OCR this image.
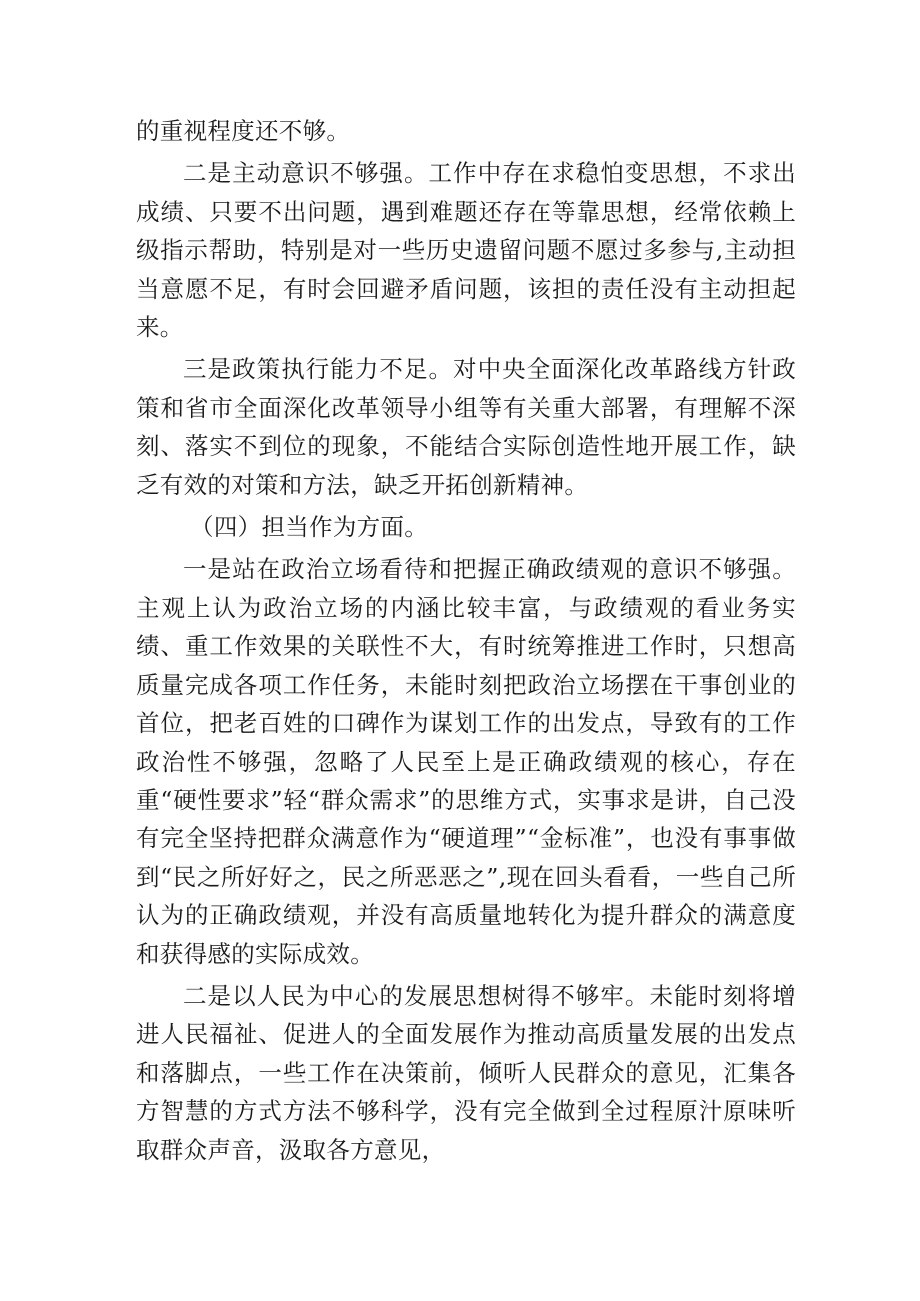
的重视程度还不够。

二是主动意识不够强。工作中存在求稳怕变思想，不求出成绩、只要不出问题，遇到难题还存在等靠思想，经常依赖上级指示帮助，特别是对一些历史遗留问题不愿过多参与,主动担当意愿不足，有时会回避矛盾问题，该担的责任没有主动担起来。

三是政策执行能力不足。对中央全面深化改革路线方针政策和省市全面深化改革领导小组等有关重大部署，有理解不深刻、落实不到位的现象，不能结合实际创造性地开展工作，缺乏有效的对策和方法，缺乏开拓创新精神。

（四）担当作为方面。

一是站在政治立场看待和把握正确政绩观的意识不够强。主观上认为政治立场的内涵比较丰富，与政绩观的看业务实绩、重工作效果的关联性不大，有时统筹推进工作时，只想高质量完成各项工作任务，未能时刻把政治立场摆在干事创业的首位，把老百姓的口碑作为谋划工作的出发点，导致有的工作政治性不够强，忽略了人民至上是正确政绩观的核心，存在重“硬性要求”轻“群众需求”的思维方式，实事求是讲，自己没有完全坚持把群众满意作为“硬道理”“金标准”，也没有事事做到“民之所好好之，民之所恶恶之”,现在回头看看，一些自己所认为的正确政绩观，并没有高质量地转化为提升群众的满意度和获得感的实际成效。

二是以人民为中心的发展思想树得不够牢。未能时刻将增进人民福祉、促进人的全面发展作为推动高质量发展的出发点和落脚点，一些工作在决策前，倾听人民群众的意见，汇集各方智慧的方式方法不够科学，没有完全做到全过程原汁原味听取群众声音，汲取各方意见，
